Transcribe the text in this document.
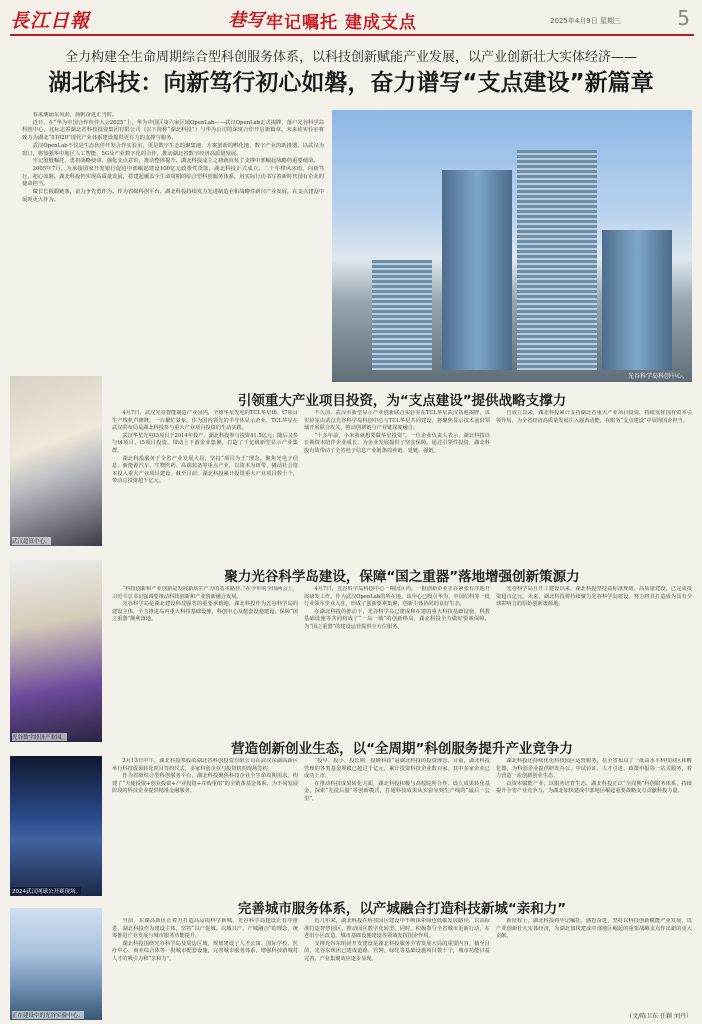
長江日報	巷写 牢记嘱托 建成支点	2025年4月9日 星期三	5
全力构建全生命周期综合型科创服务体系，以科技创新赋能产业发展，以产业创新壮大实体经济——
湖北科技：向新笃行初心如磐，奋力谱写“支点建设”新篇章

春来潮涌东风劲，扬帆奋进正当时。

近日，在“华为中国合作伙伴大会2025”上，华为中国区第六家区域OpenLab——武汉OpenLab正式揭牌，落户光谷科学岛科创中心。这标志着湖北省科技投资集团有限公司（以下简称“湖北科投”）与华为公司的深度合作开启新篇章。未来该实验室将致力为湖北“51020”现代产业体系建设提供更有力的支撑与服务。

武汉OpenLab不仅是生态伙伴开发合作实验室，更是数字生态的聚集地，方案创新的孵化地、数字产业的助推器。以武汉为窗口，将加强华中地区人工智能、5G及产业数字化的合作，推动湖北省数字经济高质量发展。

牢记殷殷嘱托，勇担战略使命。强化支点意识，推动整体提升。湖北科投成立之初就肩负了支撑中部崛起战略的重要使命。

2005年7月，为承接国家开发银行促进中部崛起建设100亿元政策性贷款，湖北科投正式成立。二十年栉风沐雨，向新笃行，初心如磐。湖北科投仍实现高质量发展，搭建起覆盖全生命周期的综合型科创服务体系，用实际行动书写着新时代国有企业的使命担当。

做长长板锻链条，奋力争先勇作为。作为省级科创平台，湖北科投持续发力先进制造业和战略性新兴产业发展，在支点建设中展现更大作为。

光谷科学岛科创中心。
武汉超算中心。
光谷数字经济产业园。
2024武汉网球公开赛现场。
正在建设中的光谷实验中心。
引领重大产业项目投资，为“支点建设”提供战略支撑力

4月7日，武汉光谷智能制造产业园内，全球华星光电的TCL华星t6、t7项目生产线机声隆隆，一片繁忙景象。作为国内领先的半导体显示企业，TCL华星在武汉的布局是湖北科投参与重大产业项目投资的生动实践。

武汉华星光电t3项目于2014年投产，湖北科投参与投资41.5亿元；随后又参与t4项目、t5项目投资，带动上下游企业集聚，打造了千亿级新型显示产业集群。

湖北科投服务于全省产业发展大局，坚持“项目为王”理念，聚焦光电子信息、新能源汽车、生物医药、高端装备等重点产业，以资本为纽带，撬动社会资本投入重大产业项目建设。截至目前，湖北科投累计投资重大产业项目数十个，带动总投资超千亿元。

不久前，武汉市新型显示产业创新联合实验室在TCL华星武汉基地揭牌，该实验室由武汉光谷科学岛科创中心与TCL华星共同建设，将聚焦显示技术前沿领域开展联合攻关，推动创新链与产业链深度融合。

“十多年前，小米我就想要做华星投资”，一位企业负责人表示，湖北科投以长期资本陪伴企业成长，为企业发展提供了坚实保障。通过引领性投资，湖北科投有效带动了全省电子信息产业链条的补链、延链、强链。

自成立以来，湖北科投累计支持湖北省重大产业项目投资，持续发挥国有资本引领作用，为全省经济高质量发展注入强劲动能，在服务“支点建设”中展现国企担当。

聚力光谷科学岛建设，保障“国之重器”落地增强创新策源力

“科技创新和产业创新是发展新质生产力的基本路径。”在今年的全国两会上，习近平总书记强调要推动科技创新和产业创新融合发展。

光谷科学岛是湖北建设科技强省的重要承载地。湖北科投作为光谷科学岛的建设主体，全力推进岛内重大科技基础设施、科创中心及配套设施建设，保障“国之重器”顺利落地。

4月7日，光谷科学岛科创中心一期园区内，一批创新企业正在紧张有序地开展研发工作。作为武汉OpenLab的所在地，该中心已吸引华为、中国信科等一批行业领军企业入驻，形成了创新要素集聚、创新主体协同的良好生态。

在湖北科投的推动下，光谷科学岛已建成和在建的重大科技基础设施、科教基础设施等共同构成了“一岛一城”的创新格局，湖北科投全力做好要素保障，为“国之重器”的建设运营提供全方位服务。

光谷科学岛自开工建设以来，湖北科投坚持高标准规划、高质量建设，已完成投资超百亿元。未来，湖北科投将持续聚力光谷科学岛建设，努力将其打造成为具有全球影响力的原始创新策源地。

营造创新创业生态，以“全周期”科创服务提升产业竞争力

3月13日中午，湖北科投参股的湖北省科创投资有限公司在武汉东湖高新区举行科技成果转化项目签约仪式，多家科创企业与投资机构现场签约。

作为省级综合型科创服务平台，湖北科投聚焦科技企业全生命周期需求，构建了“天使投资+创业投资+产业投资+并购重组”的全链条基金体系，为不同发展阶段的科技企业提供精准金融服务。

“投早、投小、投长期、投硬科技”是湖北科投的投资理念。目前，湖北科投管理的各类基金规模已超过千亿元，累计投资科技企业数百家，其中多家企业已成功上市。

在推动科技成果转化方面，湖北科投积极与高校院所合作，设立成果转化基金，探索“先投后股”等创新模式，打通科技成果从实验室到生产线的“最后一公里”。

湖北科投还持续优化科技园区运营服务，在全省布局了一批高水平科技园区和孵化器，为科创企业提供研发办公、中试验证、人才引进、政策申报等一站式服务，着力营造一流创新创业生态。

以资本赋能产业，以服务培育生态。湖北科投正以“全周期”科创服务体系，持续提升全省产业竞争力，为湖北加快建成中部地区崛起重要战略支点贡献科投力量。

完善城市服务体系，以产城融合打造科技新城“亲和力”

当前，东湖高新区正着力打造高品质科学新城。光谷科学岛建设正有序推进，湖北科投作为建设主体，坚持“以产促城、以城兴产、产城融合”的理念，统筹推进产业发展与城市服务功能提升。

湖北科投围绕光谷科学岛及周边区域，规划建设了人才公寓、国际学校、医疗中心、商业综合体等一批城市配套设施，完善城市服务体系，增强科技新城对人才的吸引力和“亲和力”。

近几年来，湖北科投在科技园区建设中不断探索绿色低碳发展路径，以高标准打造智慧园区，推动园区数字化转型。同时，积极参与全省城市更新行动，在老旧小区改造、城市基础设施建设等领域发挥国企作用。

支撑光谷东组团开发建设是湖北科投服务全省发展大局的重要内容。截至目前，光谷东组团已建成道路、管网、绿化等基础设施项目数十个，城市功能日益完善，产业集聚效应逐步显现。

新征程上，湖北科投将牢记嘱托、感恩奋进，坚持以科技创新赋能产业发展，以产业创新壮大实体经济，为湖北加快建成中部地区崛起的重要战略支点作出新的更大贡献。

（文/陈卫东 任颖 刘丹）
